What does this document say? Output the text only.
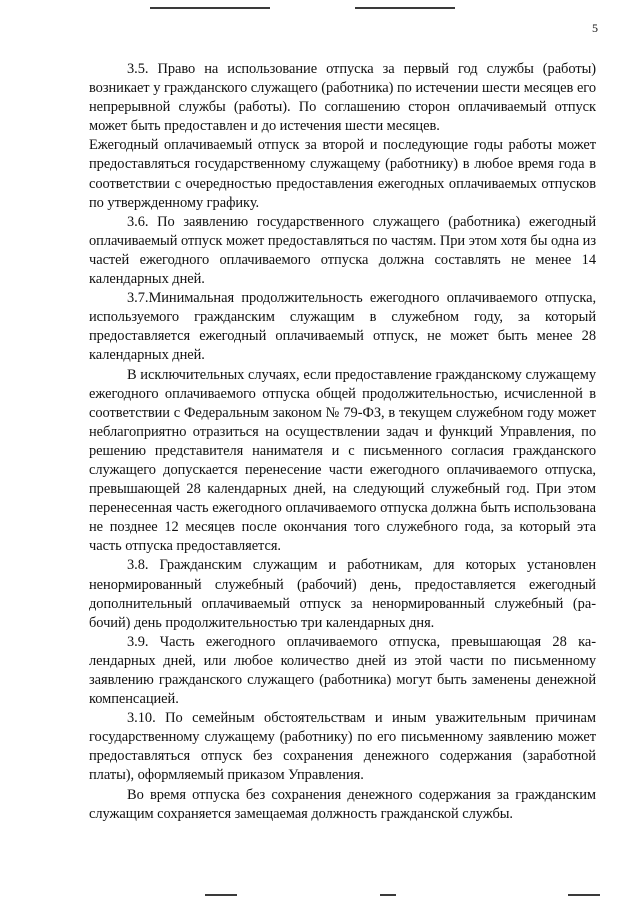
5

3.5. Право на использование отпуска за первый год службы (работы) возникает у гражданского служащего (работника) по истечении шести месяцев его непрерывной службы (работы). По соглашению сторон оплачиваемый отпуск может быть предоставлен и до истечения шести месяцев.

Ежегодный оплачиваемый отпуск за второй и последующие годы работы может предоставляться государственному служащему (работнику) в любое время года в соответствии с очередностью предоставления ежегодных оплачиваемых отпусков по утвержденному графику.

3.6. По заявлению государственного служащего (работника) ежегодный оплачиваемый отпуск может предоставляться по частям. При этом хотя бы одна из частей ежегодного оплачиваемого отпуска должна составлять не менее 14 календарных дней.

3.7.Минимальная продолжительность ежегодного оплачиваемого отпуска, используемого гражданским служащим в служебном году, за который предоставляется ежегодный оплачиваемый отпуск, не может быть менее 28 календарных дней.

В исключительных случаях, если предоставление гражданскому служащему ежегодного оплачиваемого отпуска общей продолжительностью, исчисленной в соответствии с Федеральным законом № 79-ФЗ, в текущем служебном году может неблагоприятно отразиться на осуществлении задач и функций Управления, по решению представителя нанимателя и с письменного согласия гражданского служащего допускается перенесение части ежегодного оплачиваемого отпуска, превышающей 28 календарных дней, на следующий служебный год. При этом перенесенная часть ежегодного оплачиваемого отпуска должна быть использована не позднее 12 месяцев после окончания того служебного года, за который эта часть отпуска предоставляется.

3.8. Гражданским служащим и работникам, для которых установлен ненормированный служебный (рабочий) день, предоставляется ежегодный дополнительный оплачиваемый отпуск за ненормированный служебный (рабочий) день продолжительностью три календарных дня.

3.9. Часть ежегодного оплачиваемого отпуска, превышающая 28 календарных дней, или любое количество дней из этой части по письменному заявлению гражданского служащего (работника) могут быть заменены денежной компенсацией.

3.10. По семейным обстоятельствам и иным уважительным причинам государственному служащему (работнику) по его письменному заявлению может предоставляться отпуск без сохранения денежного содержания (заработной платы), оформляемый приказом Управления.

Во время отпуска без сохранения денежного содержания за гражданским служащим сохраняется замещаемая должность гражданской службы.
